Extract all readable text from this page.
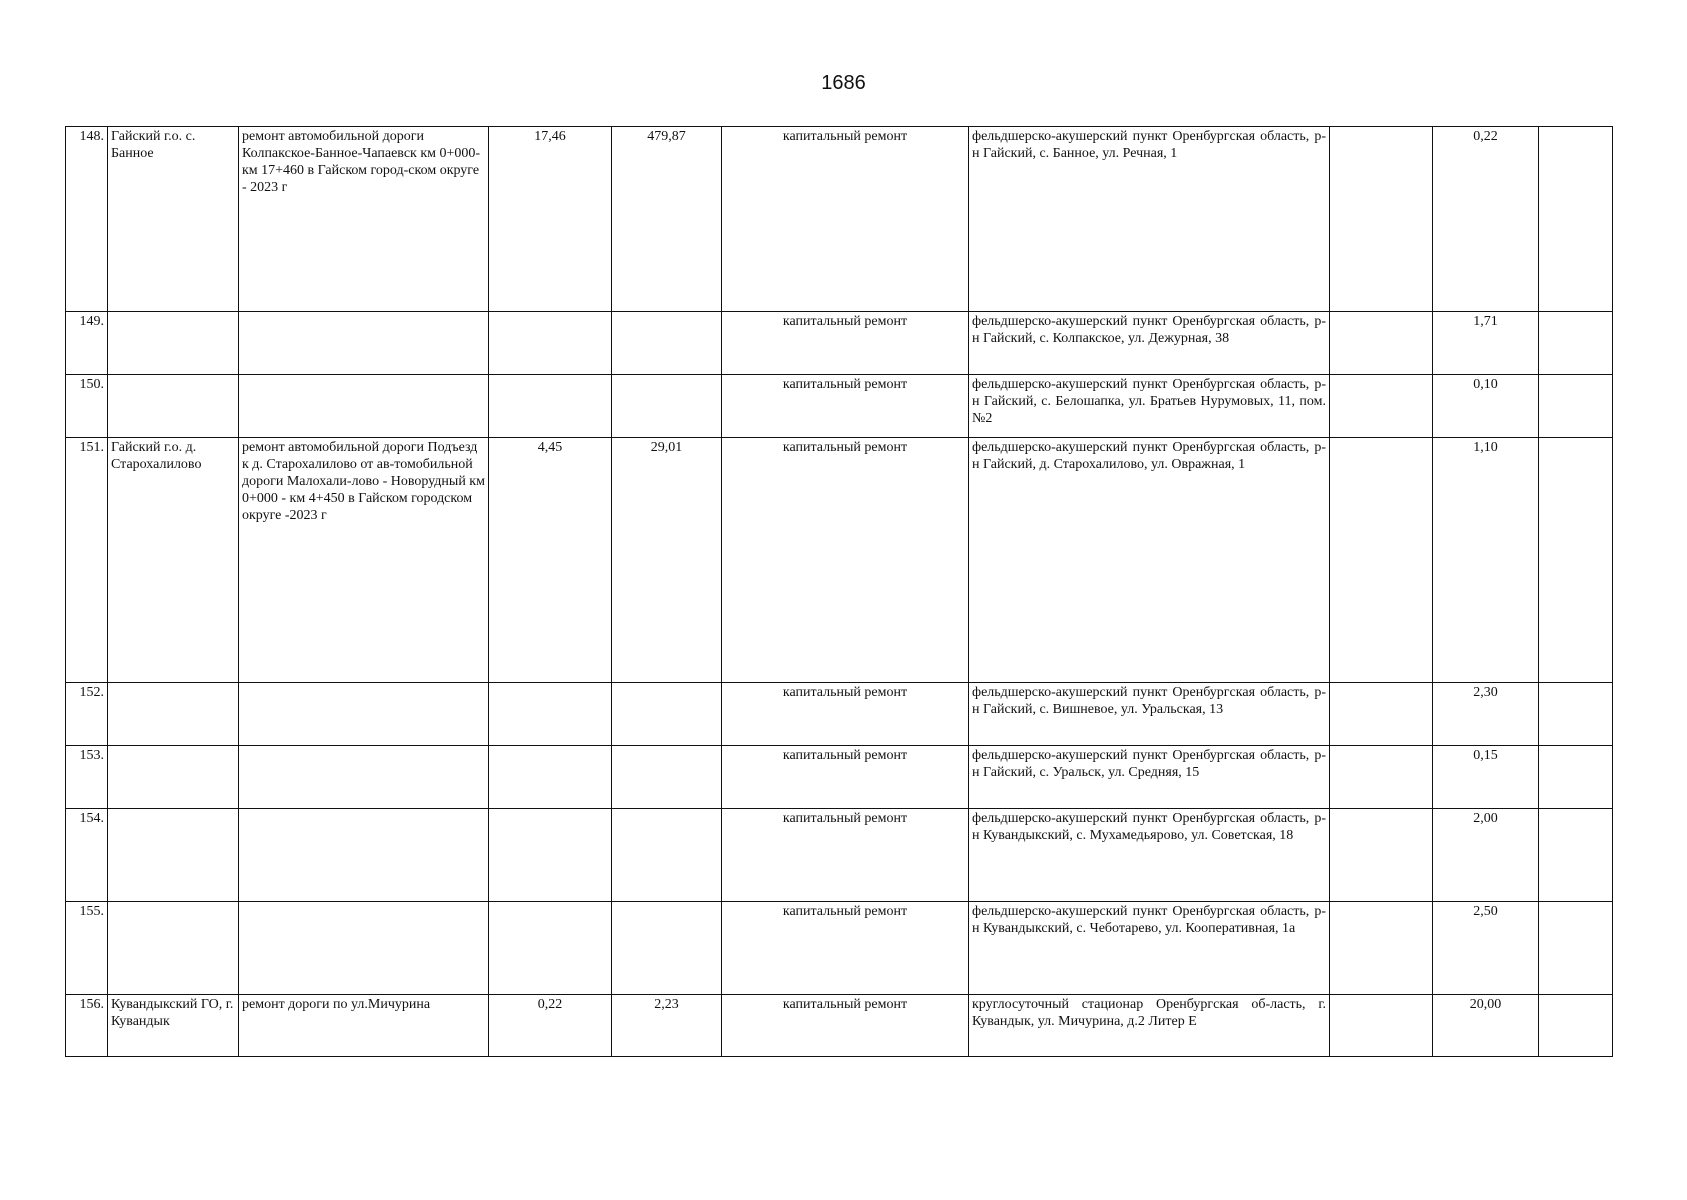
1686
148.	Гайский г.о. с. Банное	ремонт автомобильной дороги Колпакское-Банное-Чапаевск км 0+000- км 17+460 в Гайском город-ском округе - 2023 г	17,46	479,87	капитальный ремонт	фельдшерско-акушерский пункт Оренбургская область, р-н Гайский, с. Банное, ул. Речная, 1		0,22	
149.					капитальный ремонт	фельдшерско-акушерский пункт Оренбургская область, р-н Гайский, с. Колпакское, ул. Дежурная, 38		1,71	
150.					капитальный ремонт	фельдшерско-акушерский пункт Оренбургская область, р-н Гайский, с. Белошапка, ул. Братьев Нурумовых, 11, пом.№2		0,10	
151.	Гайский г.о. д. Старохалилово	ремонт автомобильной дороги Подъезд к д. Старохалилово от ав-томобильной дороги Малохали-лово - Новорудный км 0+000 - км 4+450 в Гайском городском округе -2023 г	4,45	29,01	капитальный ремонт	фельдшерско-акушерский пункт Оренбургская область, р-н Гайский, д. Старохалилово, ул. Овражная, 1		1,10	
152.					капитальный ремонт	фельдшерско-акушерский пункт Оренбургская область, р-н Гайский, с. Вишневое, ул. Уральская, 13		2,30	
153.					капитальный ремонт	фельдшерско-акушерский пункт Оренбургская область, р-н Гайский, с. Уральск, ул. Средняя, 15		0,15	
154.					капитальный ремонт	фельдшерско-акушерский пункт Оренбургская область, р-н Кувандыкский, с. Мухамедьярово, ул. Советская, 18		2,00	
155.					капитальный ремонт	фельдшерско-акушерский пункт Оренбургская область, р-н Кувандыкский, с. Чеботарево, ул. Кооперативная, 1а		2,50	
156.	Кувандыкский ГО, г. Кувандык	ремонт дороги по ул.Мичурина	0,22	2,23	капитальный ремонт	круглосуточный стационар Оренбургская об-ласть, г. Кувандык, ул. Мичурина, д.2 Литер Е		20,00	
